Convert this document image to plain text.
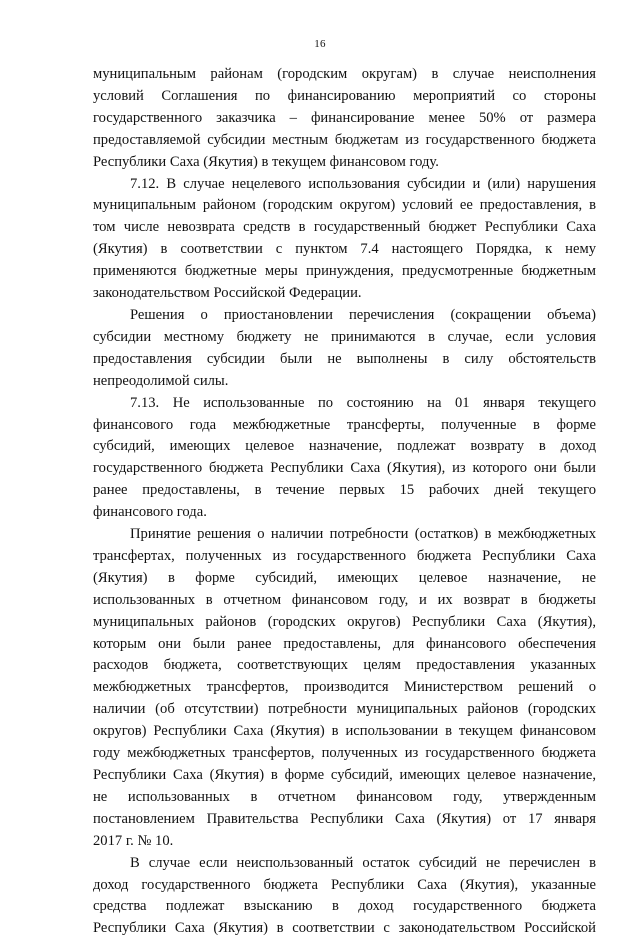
16
муниципальным районам (городским округам) в случае неисполнения
условий Соглашения по финансированию мероприятий со стороны
государственного заказчика – финансирование менее 50% от размера
предоставляемой субсидии местным бюджетам из государственного бюджета
Республики Саха (Якутия) в текущем финансовом году.
7.12. В случае нецелевого использования субсидии и (или) нарушения
муниципальным районом (городским округом) условий ее предоставления, в
том числе невозврата средств в государственный бюджет Республики Саха
(Якутия) в соответствии с пунктом 7.4 настоящего Порядка, к нему
применяются бюджетные меры принуждения, предусмотренные бюджетным
законодательством Российской Федерации.
Решения о приостановлении перечисления (сокращении объема)
субсидии местному бюджету не принимаются в случае, если условия
предоставления субсидии были не выполнены в силу обстоятельств
непреодолимой силы.
7.13. Не использованные по состоянию на 01 января текущего
финансового года межбюджетные трансферты, полученные в форме
субсидий, имеющих целевое назначение, подлежат возврату в доход
государственного бюджета Республики Саха (Якутия), из которого они были
ранее предоставлены, в течение первых 15 рабочих дней текущего
финансового года.
Принятие решения о наличии потребности (остатков) в межбюджетных
трансфертах, полученных из государственного бюджета Республики Саха
(Якутия) в форме субсидий, имеющих целевое назначение, не
использованных в отчетном финансовом году, и их возврат в бюджеты
муниципальных районов (городских округов) Республики Саха (Якутия),
которым они были ранее предоставлены, для финансового обеспечения
расходов бюджета, соответствующих целям предоставления указанных
межбюджетных трансфертов, производится Министерством решений о
наличии (об отсутствии) потребности муниципальных районов (городских
округов) Республики Саха (Якутия) в использовании в текущем финансовом
году межбюджетных трансфертов, полученных из государственного бюджета
Республики Саха (Якутия) в форме субсидий, имеющих целевое назначение,
не использованных в отчетном финансовом году, утвержденным
постановлением Правительства Республики Саха (Якутия) от 17 января
2017 г. № 10.
В случае если неиспользованный остаток субсидий не перечислен в
доход государственного бюджета Республики Саха (Якутия), указанные
средства подлежат взысканию в доход государственного бюджета
Республики Саха (Якутия) в соответствии с законодательством Российской
